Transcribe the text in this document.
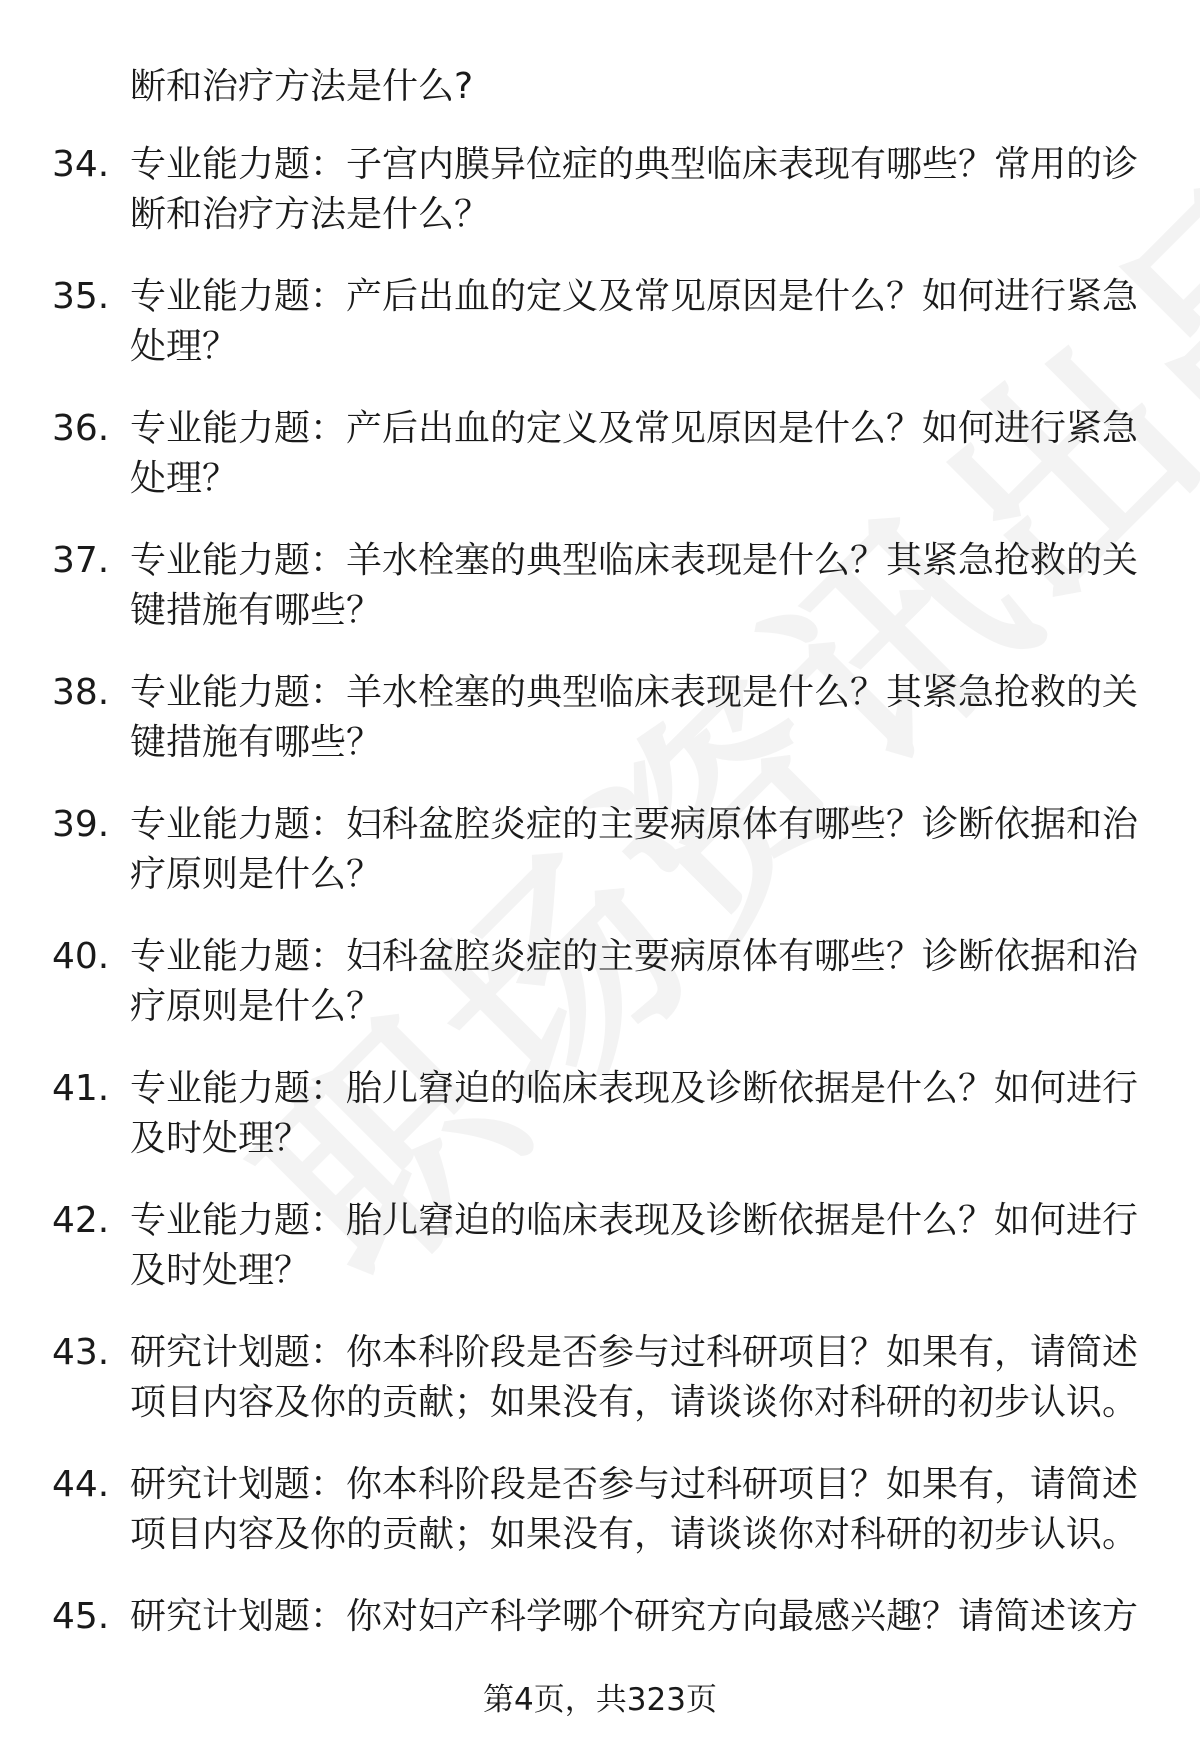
断和治疗方法是什么?
34. 专业能力题：子宫内膜异位症的典型临床表现有哪些？常用的诊断和治疗方法是什么？
35. 专业能力题：产后出血的定义及常见原因是什么？如何进行紧急处理？
36. 专业能力题：产后出血的定义及常见原因是什么？如何进行紧急处理？
37. 专业能力题：羊水栓塞的典型临床表现是什么？其紧急抢救的关键措施有哪些？
38. 专业能力题：羊水栓塞的典型临床表现是什么？其紧急抢救的关键措施有哪些？
39. 专业能力题：妇科盆腔炎症的主要病原体有哪些？诊断依据和治疗原则是什么？
40. 专业能力题：妇科盆腔炎症的主要病原体有哪些？诊断依据和治疗原则是什么？
41. 专业能力题：胎儿窘迫的临床表现及诊断依据是什么？如何进行及时处理？
42. 专业能力题：胎儿窘迫的临床表现及诊断依据是什么？如何进行及时处理？
43. 研究计划题：你本科阶段是否参与过科研项目？如果有，请简述项目内容及你的贡献；如果没有，请谈谈你对科研的初步认识。
44. 研究计划题：你本科阶段是否参与过科研项目？如果有，请简述项目内容及你的贡献；如果没有，请谈谈你对科研的初步认识。
45. 研究计划题：你对妇产科学哪个研究方向最感兴趣？请简述该方
第4页，共323页
